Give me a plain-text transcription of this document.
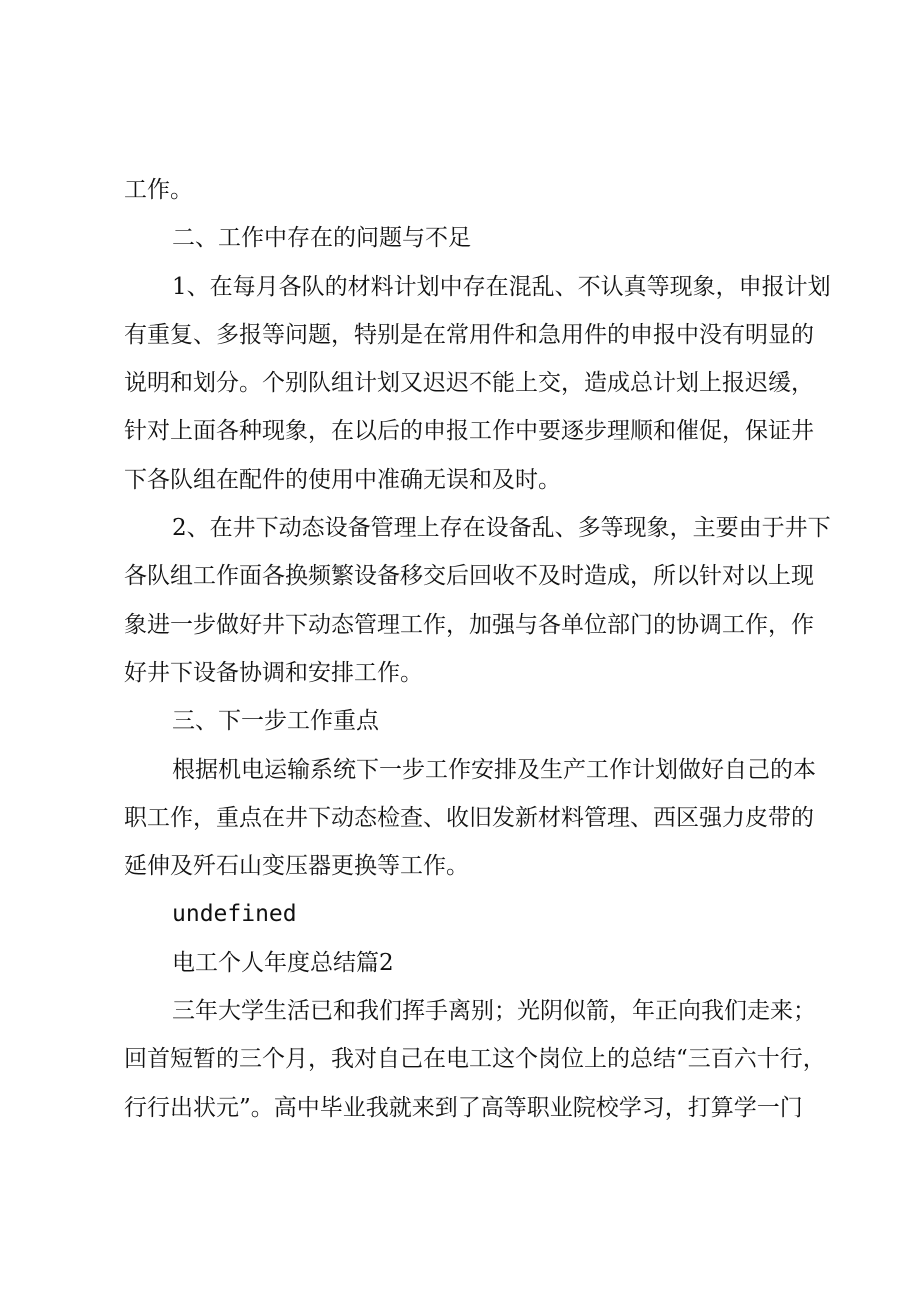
工作。
二、工作中存在的问题与不足
1、在每月各队的材料计划中存在混乱、不认真等现象，申报计划
有重复、多报等问题，特别是在常用件和急用件的申报中没有明显的
说明和划分。个别队组计划又迟迟不能上交，造成总计划上报迟缓，
针对上面各种现象，在以后的申报工作中要逐步理顺和催促，保证井
下各队组在配件的使用中准确无误和及时。
2、在井下动态设备管理上存在设备乱、多等现象，主要由于井下
各队组工作面各换频繁设备移交后回收不及时造成，所以针对以上现
象进一步做好井下动态管理工作，加强与各单位部门的协调工作，作
好井下设备协调和安排工作。
三、下一步工作重点
根据机电运输系统下一步工作安排及生产工作计划做好自己的本
职工作，重点在井下动态检查、收旧发新材料管理、西区强力皮带的
延伸及歼石山变压器更换等工作。
undefined
电工个人年度总结篇2
三年大学生活已和我们挥手离别；光阴似箭，年正向我们走来；
回首短暂的三个月，我对自己在电工这个岗位上的总结“三百六十行，
行行出状元”。高中毕业我就来到了高等职业院校学习，打算学一门
